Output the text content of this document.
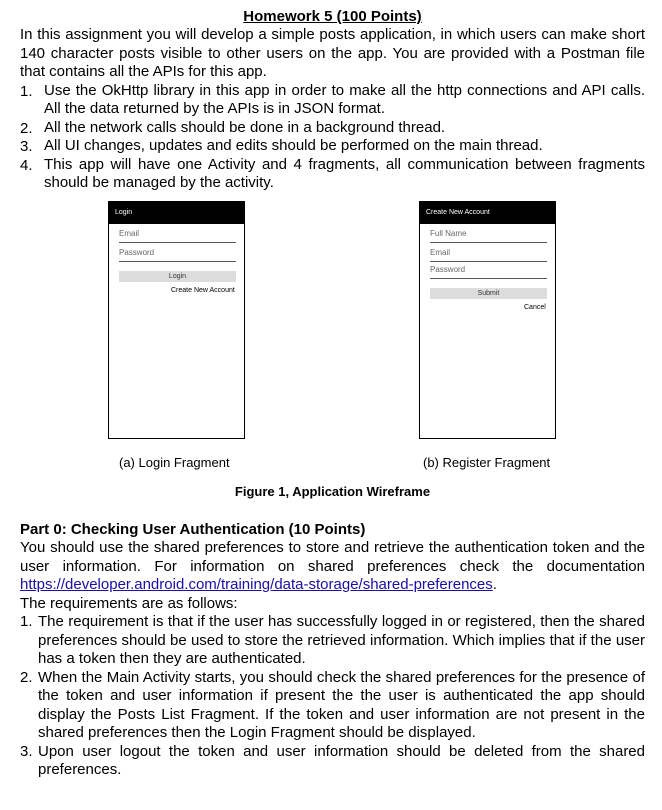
Homework 5 (100 Points)

In this assignment you will develop a simple posts application, in which users can make short 140 character posts visible to other users on the app. You are provided with a Postman file that contains all the APIs for this app.

1. Use the OkHttp library in this app in order to make all the http connections and API calls. All the data returned by the APIs is in JSON format.
2. All the network calls should be done in a background thread.
3. All UI changes, updates and edits should be performed on the main thread.
4. This app will have one Activity and 4 fragments, all communication between fragments should be managed by the activity.
Login
Email
Password
Login
Create New Account
(a) Login Fragment
Create New Account
Full Name
Email
Password
Submit
Cancel
(b) Register Fragment
Figure 1, Application Wireframe
Part 0: Checking User Authentication (10 Points)

You should use the shared preferences to store and retrieve the authentication token and the user information. For information on shared preferences check the documentation https://developer.android.com/training/data-storage/shared-preferences.

The requirements are as follows:

1. The requirement is that if the user has successfully logged in or registered, then the shared preferences should be used to store the retrieved information. Which implies that if the user has a token then they are authenticated.
2. When the Main Activity starts, you should check the shared preferences for the presence of the token and user information if present the the user is authenticated the app should display the Posts List Fragment. If the token and user information are not present in the shared preferences then the Login Fragment should be displayed.
3. Upon user logout the token and user information should be deleted from the shared preferences.
